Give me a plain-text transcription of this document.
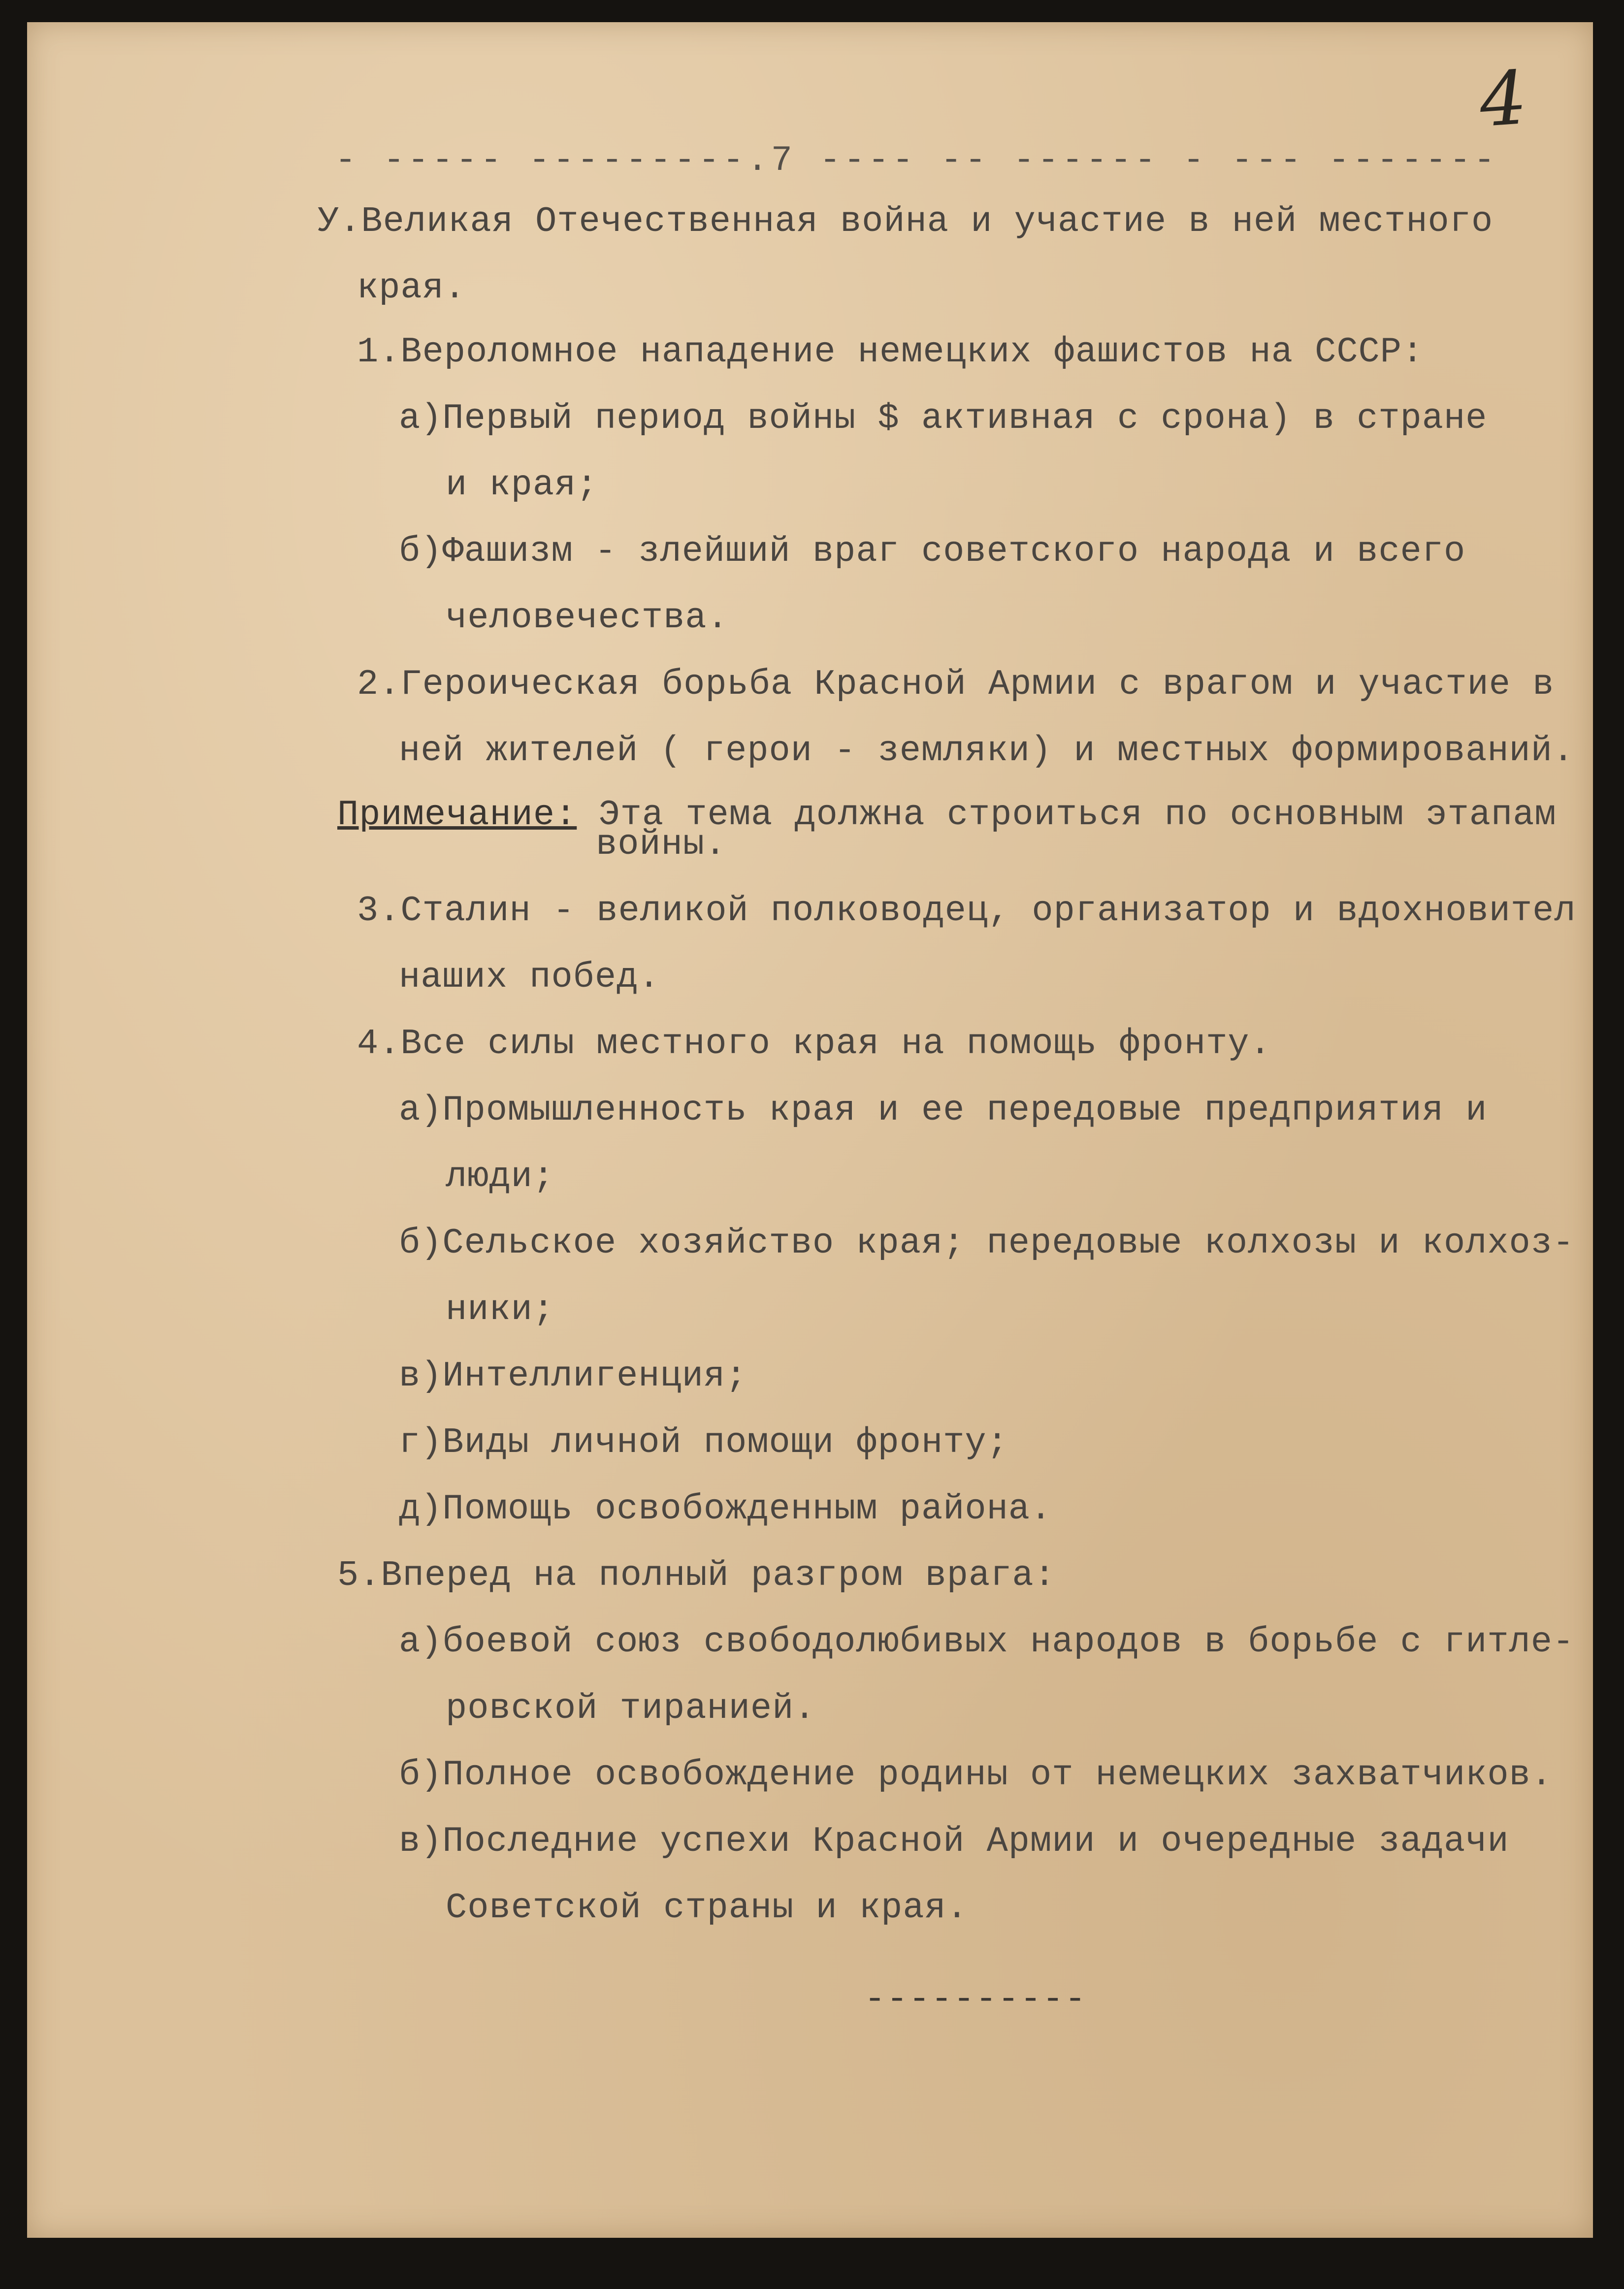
4
- ----- ---------.7 ---- -- ------ - --- -------
У.Великая Отечественная война и участие в ней местного
края.
1.Вероломное нападение немецких фашистов на СССР:
а)Первый период войны $ активная с срона) в стране
и края;
б)Фашизм - злейший враг советского народа и всего
человечества.
2.Героическая борьба Красной Армии с врагом и участие в
ней жителей ( герои - земляки) и местных формирований.
Примечание: Эта тема должна строиться по основным этапам
войны.
3.Сталин - великой полководец, организатор и вдохновител
наших побед.
4.Все силы местного края на помощь фронту.
а)Промышленность края и ее передовые предприятия и
люди;
б)Сельское хозяйство края; передовые колхозы и колхоз-
ники;
в)Интеллигенция;
г)Виды личной помощи фронту;
д)Помощь освобожденным района.
5.Вперед на полный разгром врага:
а)боевой союз свободолюбивых народов в борьбе с гитле-
ровской тиранией.
б)Полное освобождение родины от немецких захватчиков.
в)Последние успехи Красной Армии и очередные задачи
Советской страны и края.
----------
